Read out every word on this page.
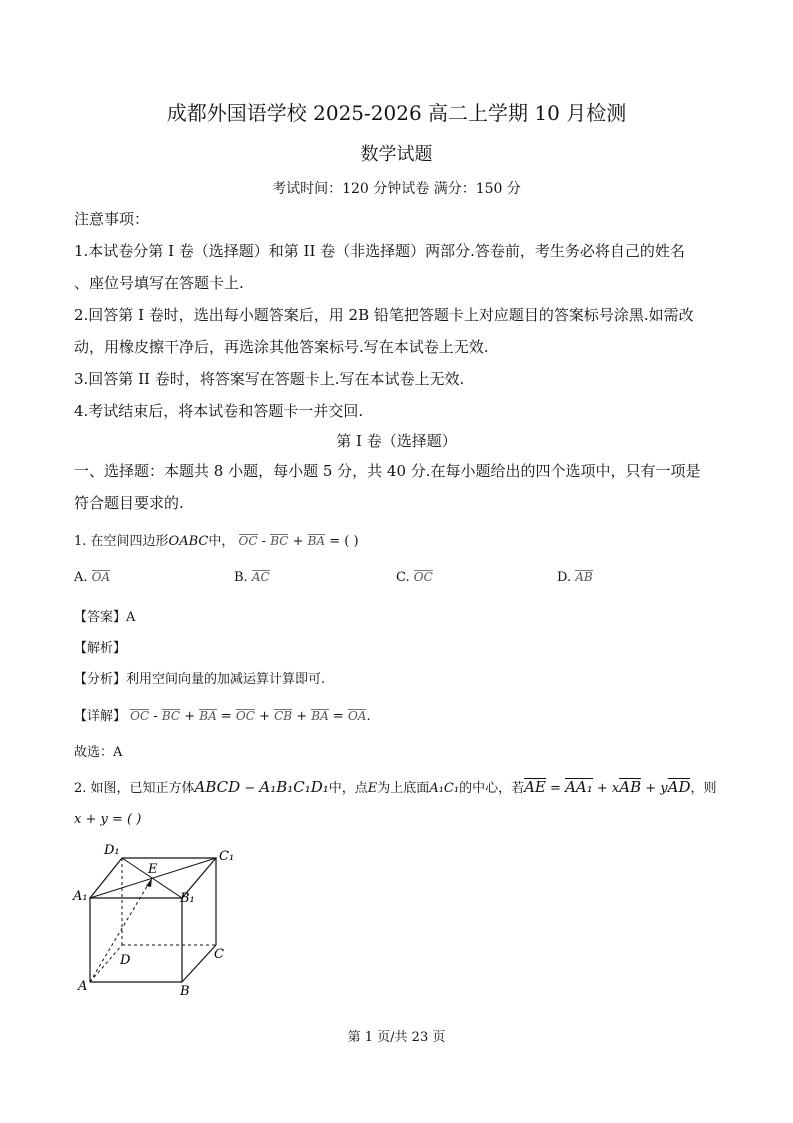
成都外国语学校 2025-2026 高二上学期 10 月检测
数学试题
考试时间：120 分钟试卷 满分：150 分
注意事项：
1.本试卷分第 I 卷（选择题）和第 II 卷（非选择题）两部分.答卷前，考生务必将自己的姓名
、座位号填写在答题卡上.
2.回答第 I 卷时，选出每小题答案后，用 2B 铅笔把答题卡上对应题目的答案标号涂黑.如需改
动，用橡皮擦干净后，再选涂其他答案标号.写在本试卷上无效.
3.回答第 II 卷时，将答案写在答题卡上.写在本试卷上无效.
4.考试结束后，将本试卷和答题卡一并交回.
第 I 卷（选择题）
一、选择题：本题共 8 小题，每小题 5 分，共 40 分.在每小题给出的四个选项中，只有一项是
符合题目要求的.
1. 在空间四边形OABC中， OC - BC + BA = ( )
A. OA	B. AC	C. OC	D. AB
【答案】A
【解析】
【分析】利用空间向量的加减运算计算即可.
【详解】 OC - BC + BA = OC + CB + BA = OA.
故选：A
2. 如图，已知正方体ABCD − A₁B₁C₁D₁中，点E为上底面A₁C₁的中心，若AE = AA₁ + xAB + yAD，则
x + y = ( )
D₁	C₁
A₁	B₁
E
C
D
A	B
第 1 页/共 23 页
